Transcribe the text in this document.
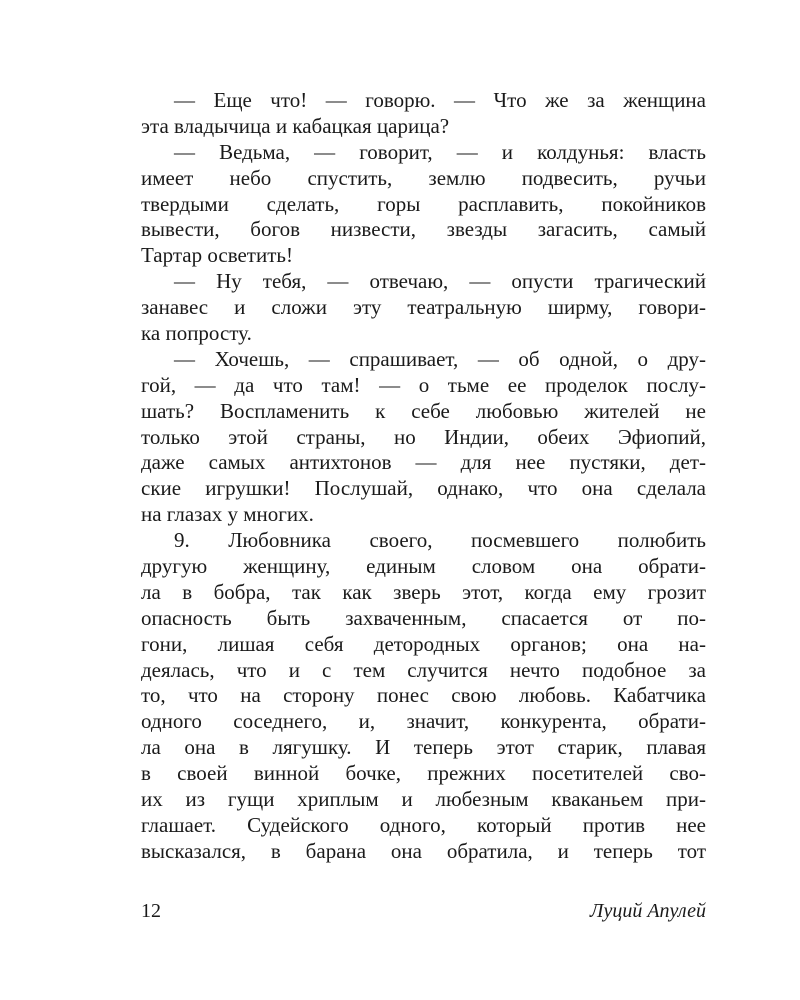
— Еще что! — говорю. — Что же за женщина
эта владычица и кабацкая царица?
— Ведьма, — говорит, — и колдунья: власть
имеет небо спустить, землю подвесить, ручьи
твердыми сделать, горы расплавить, покойников
вывести, богов низвести, звезды загасить, самый
Тартар осветить!
— Ну тебя, — отвечаю, — опусти трагический
занавес и сложи эту театральную ширму, говори-
ка попросту.
— Хочешь, — спрашивает, — об одной, о дру-
гой, — да что там! — о тьме ее проделок послу-
шать? Воспламенить к себе любовью жителей не
только этой страны, но Индии, обеих Эфиопий,
даже самых антихтонов — для нее пустяки, дет-
ские игрушки! Послушай, однако, что она сделала
на глазах у многих.
9. Любовника своего, посмевшего полюбить
другую женщину, единым словом она обрати-
ла в бобра, так как зверь этот, когда ему грозит
опасность быть захваченным, спасается от по-
гони, лишая себя детородных органов; она на-
деялась, что и с тем случится нечто подобное за
то, что на сторону понес свою любовь. Кабатчика
одного соседнего, и, значит, конкурента, обрати-
ла она в лягушку. И теперь этот старик, плавая
в своей винной бочке, прежних посетителей сво-
их из гущи хриплым и любезным кваканьем при-
глашает. Судейского одного, который против нее
высказался, в барана она обратила, и теперь тот
12	Луций Апулей
